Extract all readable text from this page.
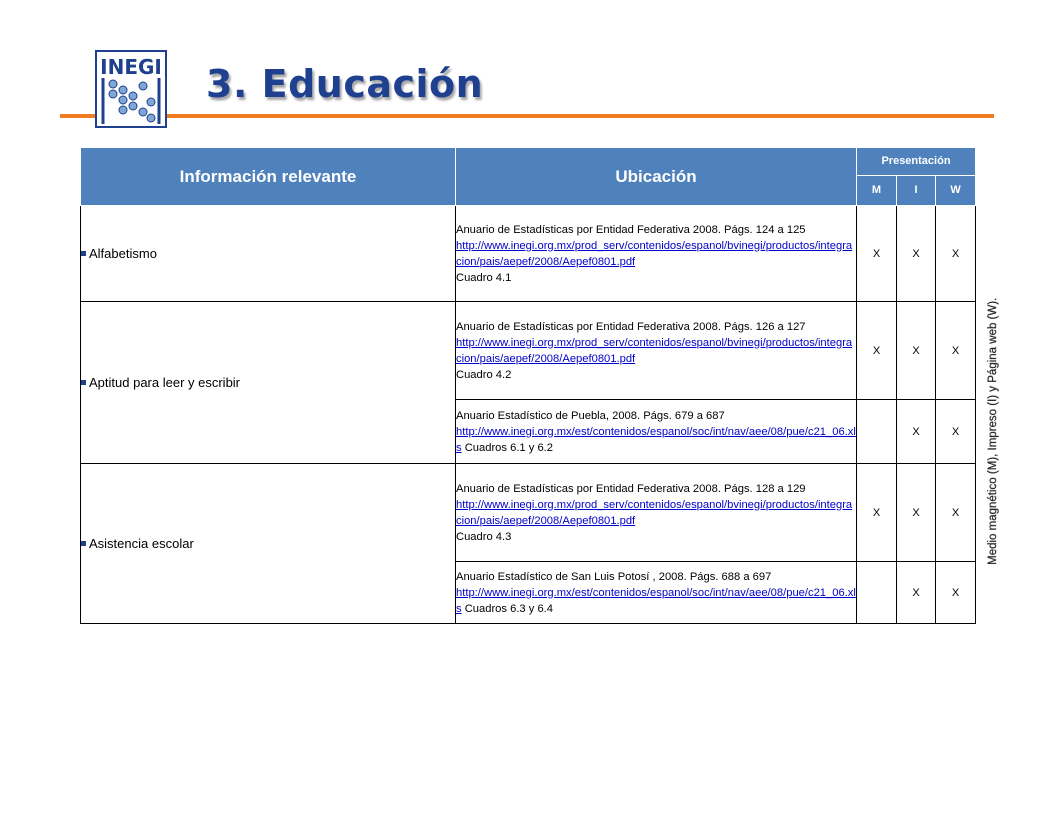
INEGI 3. Educación
Información relevante	Ubicación	Presentación		
		M	I	W
Alfabetismo	Anuario de Estadísticas por Entidad Federativa 2008. Págs. 124 a 125
http://www.inegi.org.mx/prod_serv/contenidos/espanol/bvinegi/productos/integracion/pais/aepef/2008/Aepef0801.pdf
Cuadro 4.1	X	X	X
Aptitud para leer y escribir	Anuario de Estadísticas por Entidad Federativa 2008. Págs. 126 a 127
http://www.inegi.org.mx/prod_serv/contenidos/espanol/bvinegi/productos/integracion/pais/aepef/2008/Aepef0801.pdf
Cuadro 4.2	X	X	X
	Anuario Estadístico de Puebla, 2008. Págs. 679 a 687
http://www.inegi.org.mx/est/contenidos/espanol/soc/int/nav/aee/08/pue/c21_06.xls Cuadros 6.1 y 6.2		X	X
Asistencia escolar	Anuario de Estadísticas por Entidad Federativa 2008. Págs. 128 a 129
http://www.inegi.org.mx/prod_serv/contenidos/espanol/bvinegi/productos/integracion/pais/aepef/2008/Aepef0801.pdf
Cuadro 4.3	X	X	X
	Anuario Estadístico de San Luis Potosí , 2008. Págs. 688 a 697
http://www.inegi.org.mx/est/contenidos/espanol/soc/int/nav/aee/08/pue/c21_06.xls Cuadros 6.3 y 6.4		X	X
Medio magnético (M), Impreso (I) y Página web (W).
